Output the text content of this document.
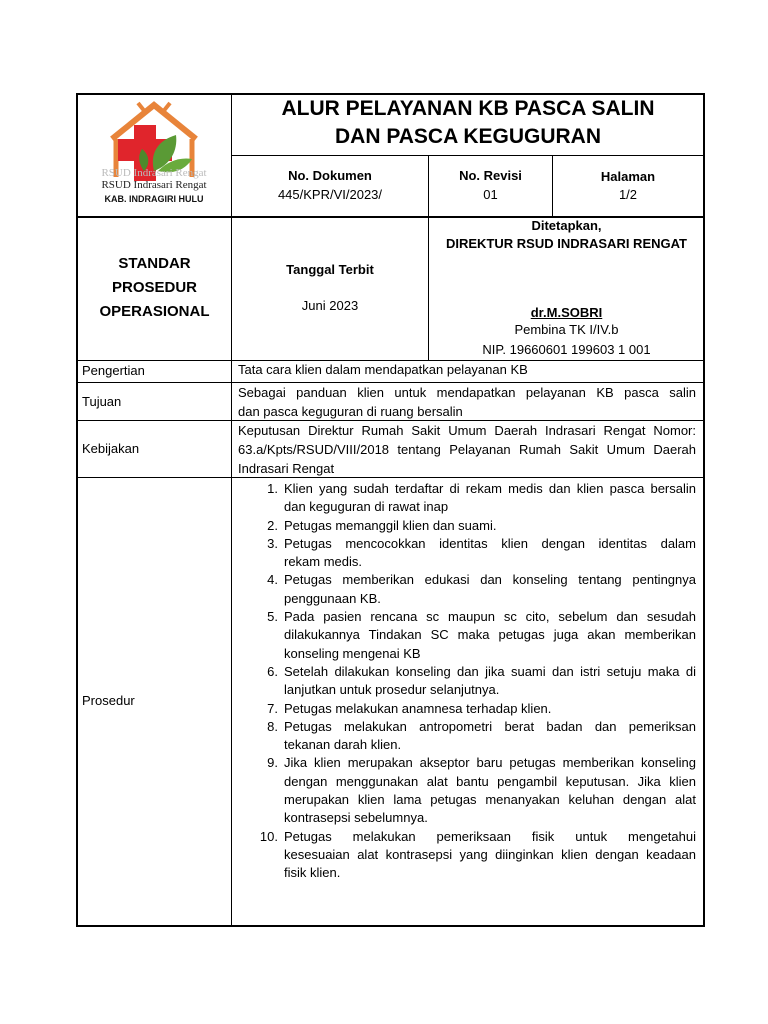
RSUD Indrasari Rengat
RSUD Indrasari Rengat
KAB. INDRAGIRI HULU
ALUR PELAYANAN KB PASCA SALIN
DAN PASCA KEGUGURAN
No. Dokumen
445/KPR/VI/2023/
No. Revisi
01
Halaman
1/2
STANDAR
PROSEDUR
OPERASIONAL
Tanggal Terbit
Juni 2023
Ditetapkan,
DIREKTUR RSUD INDRASARI RENGAT
dr.M.SOBRI
Pembina TK I/IV.b
NIP. 19660601 199603 1 001
Pengertian	Tata cara klien dalam mendapatkan pelayanan KB
Tujuan
Sebagai panduan klien untuk mendapatkan pelayanan KB pasca salin
dan pasca keguguran di ruang bersalin
Kebijakan
Keputusan Direktur Rumah Sakit Umum Daerah Indrasari Rengat Nomor:
63.a/Kpts/RSUD/VIII/2018 tentang Pelayanan Rumah Sakit Umum Daerah
Indrasari Rengat
Prosedur
1. Klien yang sudah terdaftar di rekam medis dan klien pasca bersalin
dan keguguran di rawat inap
2. Petugas memanggil klien dan suami.
3. Petugas mencocokkan identitas klien dengan identitas dalam
rekam medis.
4. Petugas memberikan edukasi dan konseling tentang pentingnya
penggunaan KB.
5. Pada pasien rencana sc maupun sc cito, sebelum dan sesudah
dilakukannya Tindakan SC maka petugas juga akan memberikan
konseling mengenai KB
6. Setelah dilakukan konseling dan jika suami dan istri setuju maka di
lanjutkan untuk prosedur selanjutnya.
7. Petugas melakukan anamnesa terhadap klien.
8. Petugas melakukan antropometri berat badan dan pemeriksan
tekanan darah klien.
9. Jika klien merupakan akseptor baru petugas memberikan konseling
dengan menggunakan alat bantu pengambil keputusan. Jika klien
merupakan klien lama petugas menanyakan keluhan dengan alat
kontrasepsi sebelumnya.
10. Petugas melakukan pemeriksaan fisik untuk mengetahui
kesesuaian alat kontrasepsi yang diinginkan klien dengan keadaan
fisik klien.
